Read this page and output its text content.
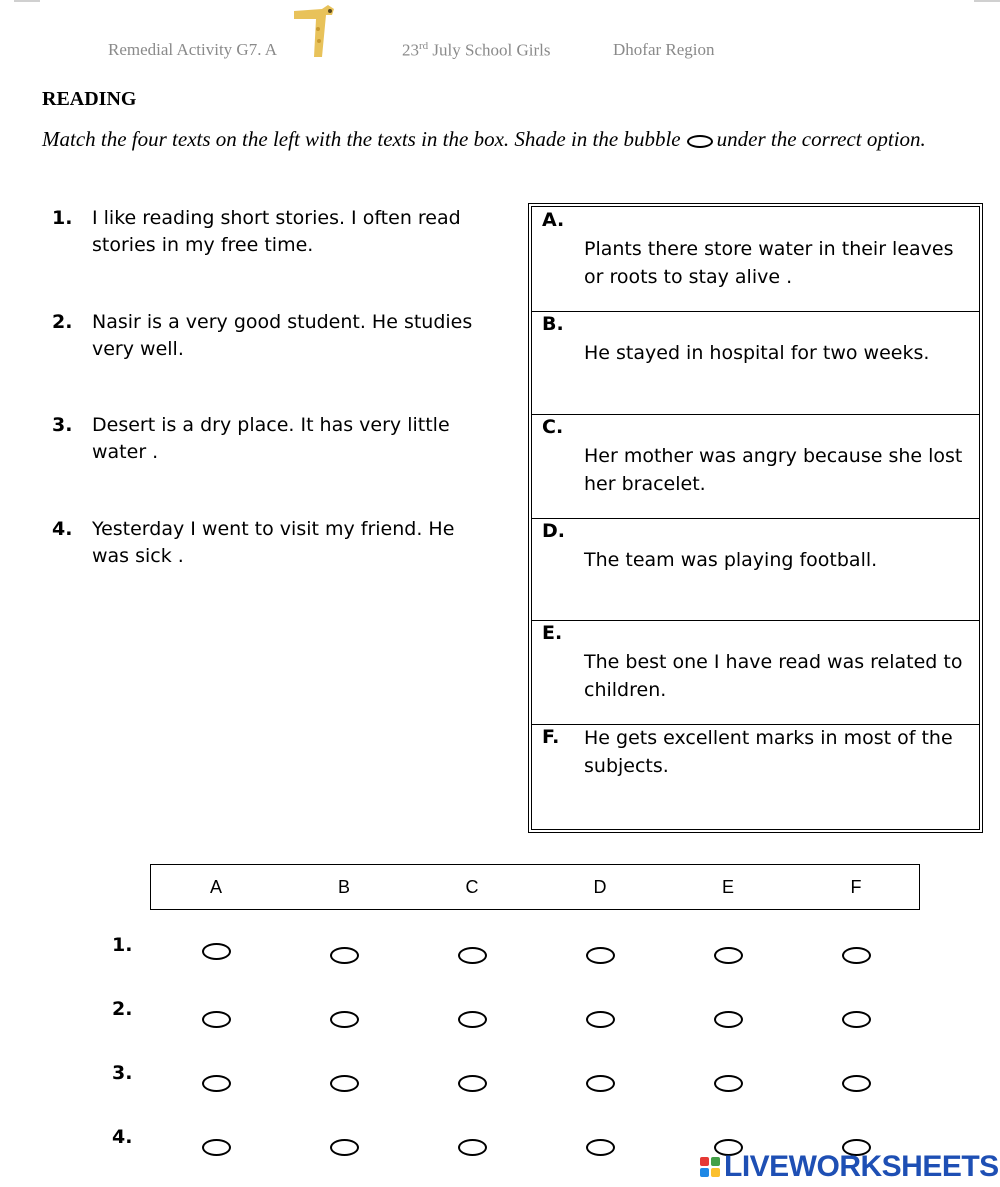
Remedial Activity G7. A	23rd July School Girls	Dhofar Region
READING
Match the four texts on the left with the texts in the box. Shade in the bubble under the correct option.
1. I like reading short stories. I often read stories in my free time.
2. Nasir is a very good student. He studies very well.
3. Desert is a dry place. It has very little water .
4. Yesterday I went to visit my friend. He was sick .
A.
Plants there store water in their leaves or roots to stay alive .
B.
He stayed in hospital for two weeks.
C.
Her mother was angry because she lost her bracelet.
D.
The team was playing football.
E.
The best one I have read was related to children.
F. He gets excellent marks in most of the subjects.
A	B	C	D	E	F
1.
2.
3.
4.
LIVEWORKSHEETS
